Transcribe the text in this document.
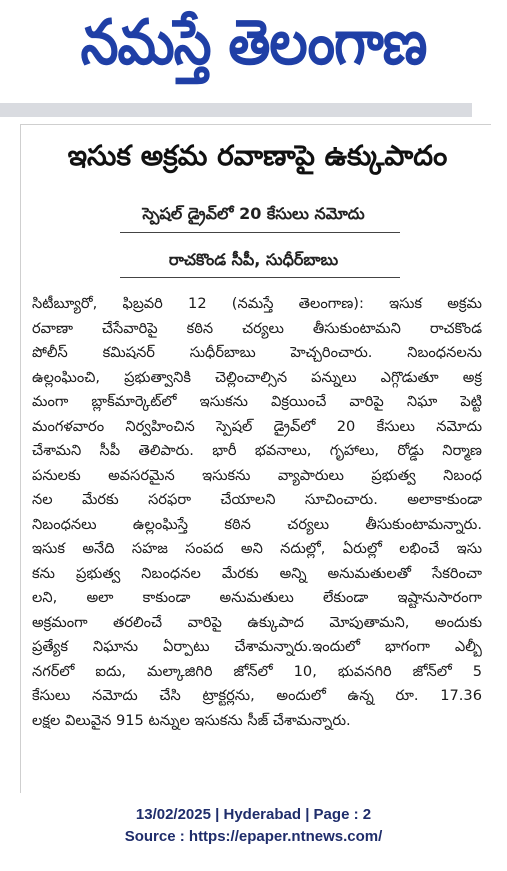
నమస్తే తెలంగాణ
ఇసుక అక్రమ రవాణాపై ఉక్కుపాదం
స్పెషల్ డ్రైవ్‌లో 20 కేసులు నమోదు
రాచకొండ సీపీ, సుధీర్‌బాబు
సిటీబ్యూరో, ఫిబ్రవరి 12 (నమస్తే తెలంగాణ): ఇసుక అక్రమ
రవాణా చేసేవారిపై కఠిన చర్యలు తీసుకుంటామని రాచకొండ
పోలీస్ కమిషనర్ సుధీర్‌బాబు హెచ్చరించారు. నిబంధనలను
ఉల్లంఘించి, ప్రభుత్వానికి చెల్లించాల్సిన పన్నులు ఎగ్గొడుతూ అక్ర
మంగా బ్లాక్‌మార్కెట్‌లో ఇసుకను విక్రయించే వారిపై నిఘా పెట్టి
మంగళవారం నిర్వహించిన స్పెషల్ డ్రైవ్‌లో 20 కేసులు నమోదు
చేశామని సీపీ తెలిపారు. భారీ భవనాలు, గృహాలు, రోడ్డు నిర్మాణ
పనులకు అవసరమైన ఇసుకను వ్యాపారులు ప్రభుత్వ నిబంధ
నల మేరకు సరఫరా చేయాలని సూచించారు. అలాకాకుండా
నిబంధనలు ఉల్లంఘిస్తే కఠిన చర్యలు తీసుకుంటామన్నారు.
ఇసుక అనేది సహజ సంపద అని నదుల్లో, ఏరుల్లో లభించే ఇసు
కను ప్రభుత్వ నిబంధనల మేరకు అన్ని అనుమతులతో సేకరించా
లని, అలా కాకుండా అనుమతులు లేకుండా ఇష్టానుసారంగా
అక్రమంగా తరలించే వారిపై ఉక్కుపాద మోపుతామని, అందుకు
ప్రత్యేక నిఘాను ఏర్పాటు చేశామన్నారు.ఇందులో భాగంగా ఎల్బీ
నగర్‌లో ఐదు, మల్కాజిగిరి జోన్‌లో 10, భువనగిరి జోన్‌లో 5
కేసులు నమోదు చేసి ట్రాక్టర్లను, అందులో ఉన్న రూ. 17.36
లక్షల విలువైన 915 టన్నుల ఇసుకను సీజ్ చేశామన్నారు.
13/02/2025 | Hyderabad | Page : 2
Source : https://epaper.ntnews.com/
